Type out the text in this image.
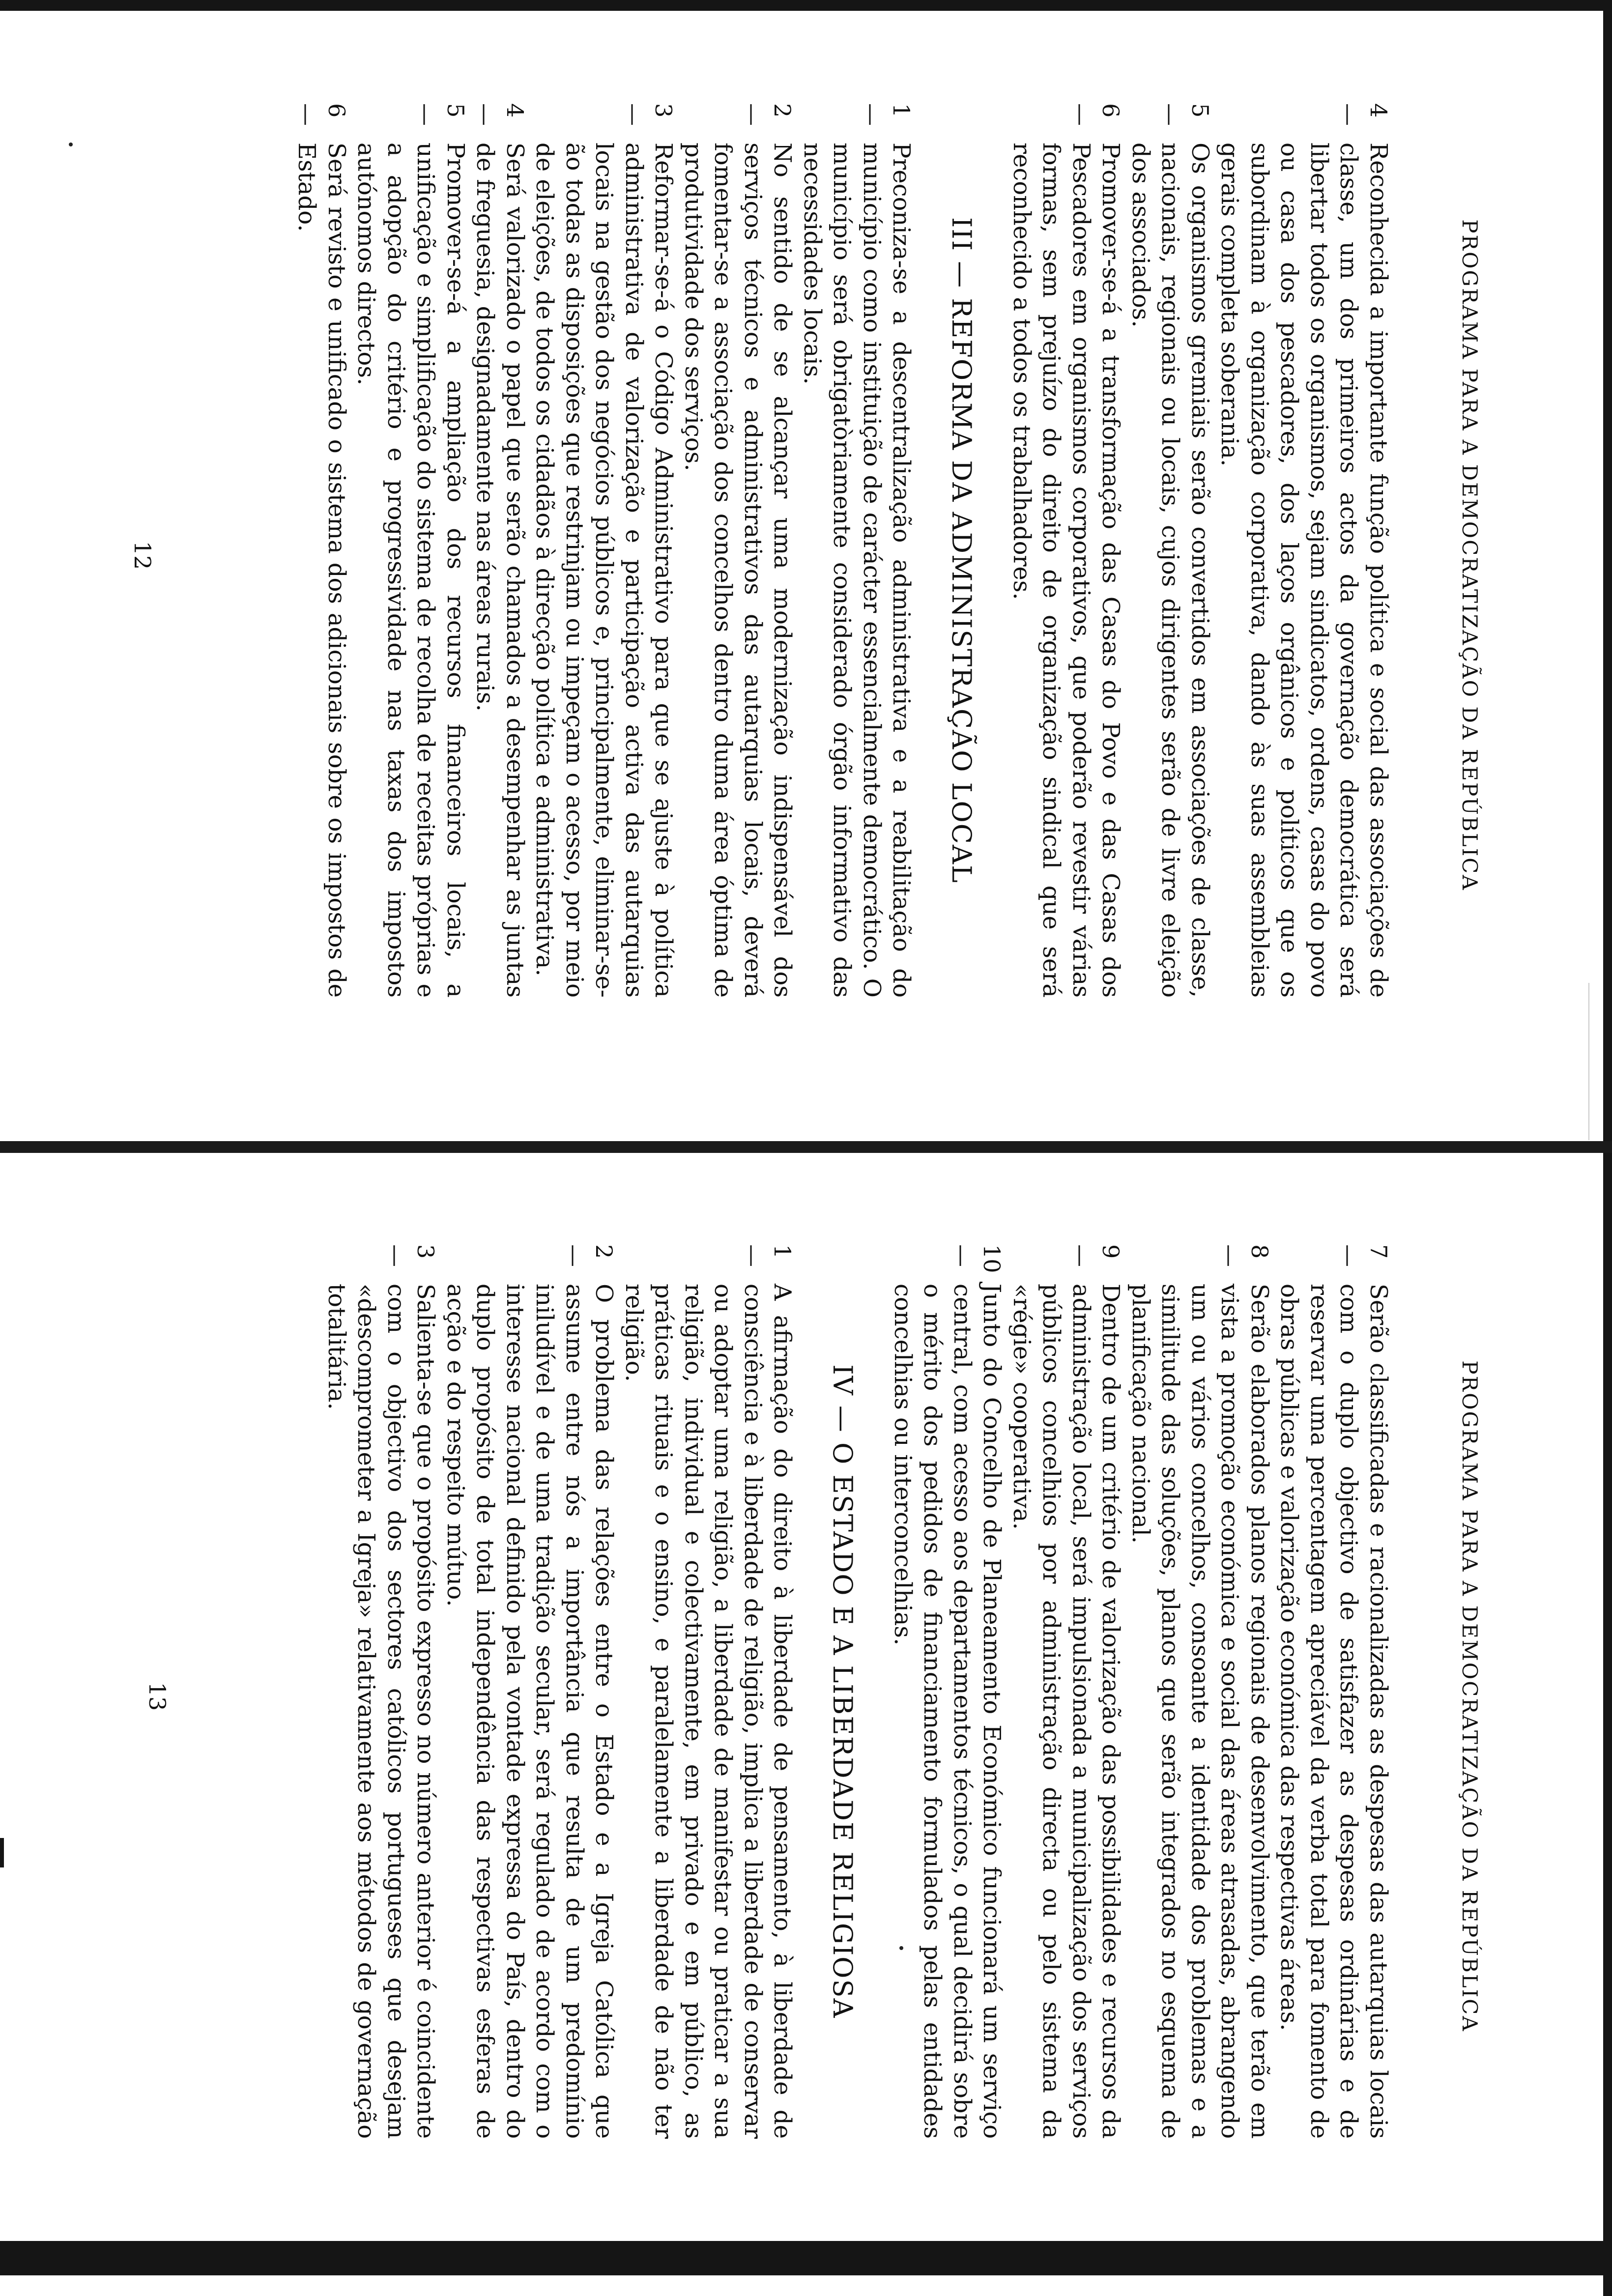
PROGRAMA PARA A DEMOCRATIZAÇÃO DA REPÚBLICA
4 —
Reconhecida a importante função política e social das associações de classe, um dos primeiros actos da governação democrática será libertar todos os organismos, sejam sindicatos, ordens, casas do povo ou casa dos pescadores, dos laços orgânicos e políticos que os subordinam à organização corporativa, dando às suas assembleias gerais completa soberania.
5 —
Os organismos gremiais serão convertidos em associações de classe, nacionais, regionais ou locais, cujos dirigentes serão de livre eleição dos associados.
6 —
Promover-se-á a transformação das Casas do Povo e das Casas dos Pescadores em organismos corporativos, que poderão revestir várias formas, sem prejuízo do direito de organização sindical que será reconhecido a todos os trabalhadores.
III — REFORMA DA ADMINISTRAÇÃO LOCAL
1 —
Preconiza-se a descentralização administrativa e a reabilitação do município como instituição de carácter essencialmente democrático. O município será obrigatòriamente considerado órgão informativo das necessidades locais.
2 —
No sentido de se alcançar uma modernização indispensável dos serviços técnicos e administrativos das autarquias locais, deverá fomentar-se a associação dos concelhos dentro duma área óptima de produtividade dos serviços.
3 —
Reformar-se-á o Código Administrativo para que se ajuste à política administrativa de valorização e participação activa das autarquias locais na gestão dos negócios públicos e, principalmente, eliminar-se-ão todas as disposições que restrinjam ou impeçam o acesso, por meio de eleições, de todos os cidadãos à direcção política e administrativa.
4 —
Será valorizado o papel que serão chamados a desempenhar as juntas de freguesia, designadamente nas áreas rurais.
5 —
Promover-se-á a ampliação dos recursos financeiros locais, a unificação e simplificação do sistema de recolha de receitas próprias e a adopção do critério e progressividade nas taxas dos impostos autónomos directos.
6 —
Será revisto e unificado o sistema dos adicionais sobre os impostos de Estado.
12
PROGRAMA PARA A DEMOCRATIZAÇÃO DA REPÚBLICA
7 —
Serão classificadas e racionalizadas as despesas das autarquias locais com o duplo objectivo de satisfazer as despesas ordinárias e de reservar uma percentagem apreciável da verba total para fomento de obras públicas e valorização económica das respectivas áreas.
8 —
Serão elaborados planos regionais de desenvolvimento, que terão em vista a promoção económica e social das áreas atrasadas, abrangendo um ou vários concelhos, consoante a identidade dos problemas e a similitude das soluções, planos que serão integrados no esquema de planificação nacional.
9 —
Dentro de um critério de valorização das possibilidades e recursos da administração local, será impulsionada a municipalização dos serviços públicos concelhios por administração directa ou pelo sistema da «régie» cooperativa.
10 —
Junto do Concelho de Planeamento Económico funcionará um serviço central, com acesso aos departamentos técnicos, o qual decidirá sobre o mérito dos pedidos de financiamento formulados pelas entidades concelhias ou interconcelhias.
IV — O ESTADO E A LIBERDADE RELIGIOSA
1 —
A afirmação do direito à liberdade de pensamento, à liberdade de consciência e à liberdade de religião, implica a liberdade de conservar ou adoptar uma religião, a liberdade de manifestar ou praticar a sua religião, individual e colectivamente, em privado e em público, as práticas rituais e o ensino, e paralelamente a liberdade de não ter religião.
2 —
O problema das relações entre o Estado e a Igreja Católica que assume entre nós a importância que resulta de um predomínio iniludível e de uma tradição secular, será regulado de acordo com o interesse nacional definido pela vontade expressa do País, dentro do duplo propósito de total independência das respectivas esferas de acção e do respeito mútuo.
3 —
Salienta-se que o propósito expresso no número anterior é coincidente com o objectivo dos sectores católicos portugueses que desejam «descomprometer a Igreja» relativamente aos métodos de governação totalitária.
13
